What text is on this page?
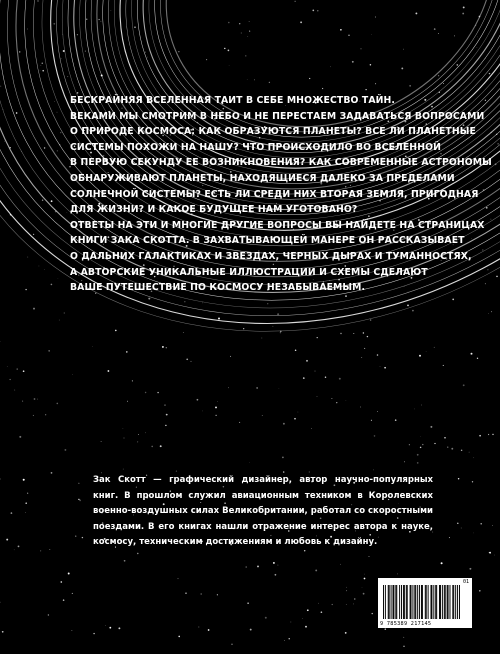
БЕСКРАЙНЯЯ ВСЕЛЕННАЯ ТАИТ В СЕБЕ МНОЖЕСТВО ТАЙН.
ВЕКАМИ МЫ СМОТРИМ В НЕБО И НЕ ПЕРЕСТАЕМ ЗАДАВАТЬСЯ ВОПРОСАМИ
О ПРИРОДЕ КОСМОСА: КАК ОБРАЗУЮТСЯ ПЛАНЕТЫ? ВСЕ ЛИ ПЛАНЕТНЫЕ
СИСТЕМЫ ПОХОЖИ НА НАШУ? ЧТО ПРОИСХОДИЛО ВО ВСЕЛЕННОЙ
В ПЕРВУЮ СЕКУНДУ ЕЕ ВОЗНИКНОВЕНИЯ? КАК СОВРЕМЕННЫЕ АСТРОНОМЫ
ОБНАРУЖИВАЮТ ПЛАНЕТЫ, НАХОДЯЩИЕСЯ ДАЛЕКО ЗА ПРЕДЕЛАМИ
СОЛНЕЧНОЙ СИСТЕМЫ? ЕСТЬ ЛИ СРЕДИ НИХ ВТОРАЯ ЗЕМЛЯ, ПРИГОДНАЯ
ДЛЯ ЖИЗНИ? И КАКОЕ БУДУЩЕЕ НАМ УГОТОВАНО?
ОТВЕТЫ НА ЭТИ И МНОГИЕ ДРУГИЕ ВОПРОСЫ ВЫ НАЙДЕТЕ НА СТРАНИЦАХ
КНИГИ ЗАКА СКОТТА. В ЗАХВАТЫВАЮЩЕЙ МАНЕРЕ ОН РАССКАЗЫВАЕТ
О ДАЛЬНИХ ГАЛАКТИКАХ И ЗВЕЗДАХ, ЧЕРНЫХ ДЫРАХ И ТУМАННОСТЯХ,
А АВТОРСКИЕ УНИКАЛЬНЫЕ ИЛЛЮСТРАЦИИ И СХЕМЫ СДЕЛАЮТ
ВАШЕ ПУТЕШЕСТВИЕ ПО КОСМОСУ НЕЗАБЫВАЕМЫМ.
Зак Скотт — графический дизайнер, автор научно-популярных
книг. В прошлом служил авиационным техником в Королевских
военно-воздушных силах Великобритании, работал со скоростными
поездами. В его книгах нашли отражение интерес автора к науке,
космосу, техническим достижениям и любовь к дизайну.
01
9 785389 217145
